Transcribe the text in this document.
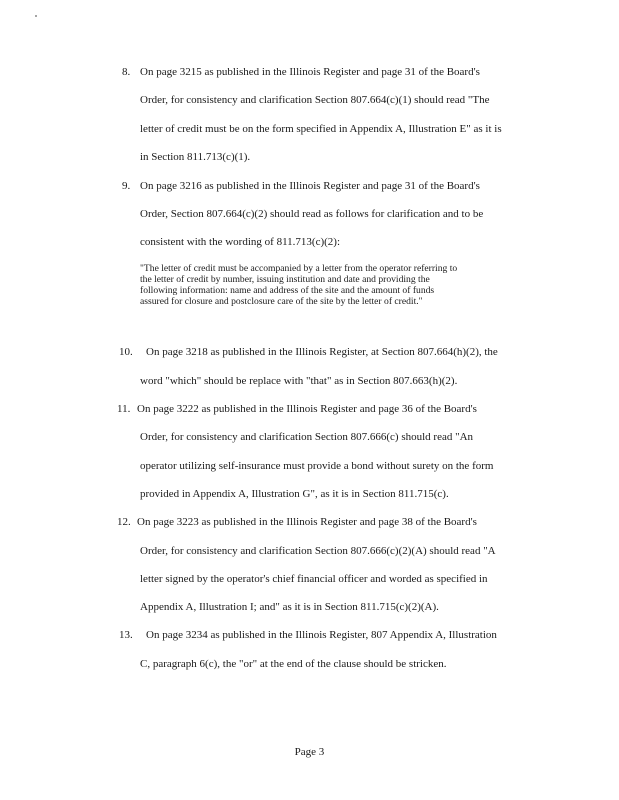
8. On page 3215 as published in the Illinois Register and page 31 of the Board's
Order, for consistency and clarification Section 807.664(c)(1) should read "The
letter of credit must be on the form specified in Appendix A, Illustration E" as it is
in Section 811.713(c)(1).
9. On page 3216 as published in the Illinois Register and page 31 of the Board's
Order, Section 807.664(c)(2) should read as follows for clarification and to be
consistent with the wording of 811.713(c)(2):
"The letter of credit must be accompanied by a letter from the operator referring to
the letter of credit by number, issuing institution and date and providing the
following information: name and address of the site and the amount of funds
assured for closure and postclosure care of the site by the letter of credit."
10. On page 3218 as published in the Illinois Register, at Section 807.664(h)(2), the
word "which" should be replace with "that" as in Section 807.663(h)(2).
11. On page 3222 as published in the Illinois Register and page 36 of the Board's
Order, for consistency and clarification Section 807.666(c) should read "An
operator utilizing self-insurance must provide a bond without surety on the form
provided in Appendix A, Illustration G", as it is in Section 811.715(c).
12. On page 3223 as published in the Illinois Register and page 38 of the Board's
Order, for consistency and clarification Section 807.666(c)(2)(A) should read "A
letter signed by the operator's chief financial officer and worded as specified in
Appendix A, Illustration I; and" as it is in Section 811.715(c)(2)(A).
13. On page 3234 as published in the Illinois Register, 807 Appendix A, Illustration
C, paragraph 6(c), the "or" at the end of the clause should be stricken.
Page 3
